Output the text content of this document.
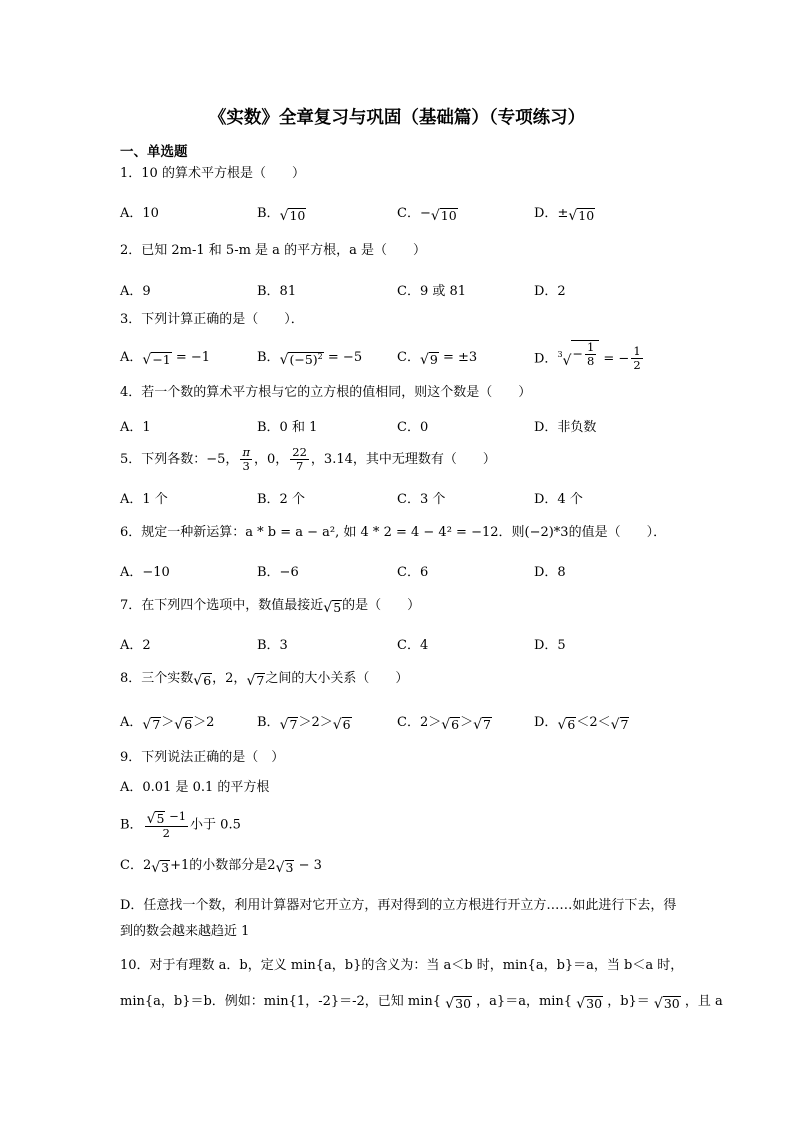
《实数》全章复习与巩固（基础篇）（专项练习）
一、单选题
1．10 的算术平方根是（　　）
A．10	B． √ 10	C．− √ 10	D．± √ 10
2．已知 2m-1 和 5-m 是 a 的平方根，a 是（　　）
A．9	B．81	C．9 或 81	D．2
3．下列计算正确的是（　　）．
A． √ −1 = −1	B． √ $(-5)^2 = -5$	C． √ 9 = ±3	D．$^3$ √ − $\frac{1}{8}$ = − $\frac{1}{2}$
4．若一个数的算术平方根与它的立方根的值相同，则这个数是（　　）
A．1	B．0 和 1	C．0	D．非负数
5．下列各数：−5， $\frac{\pi}{3}$ ，0， $\frac{22}{7}$ ，3.14，其中无理数有（　　）
A．1 个	B．2 个	C．3 个	D．4 个
6．规定一种新运算：a * b = a − a², 如 4 * 2 = 4 − 4² = −12．则(−2)*3的值是（　　）．
A．−10	B．−6	C．6	D．8
7．在下列四个选项中，数值最接近 √ 5 的是（　　）
A．2	B．3	C．4	D．5
8．三个实数 √ 6 ，2， √ 7 之间的大小关系（　　）
A． √ 7 ＞ √ 6 ＞2	B． √ 7 ＞2＞ √ 6	C．2＞ √ 6 ＞ √ 7	D． √ 6 ＜2＜ √ 7
9．下列说法正确的是（　）
A．0.01 是 0.1 的平方根
B． $\frac{√ 5 -1}{2}$ 小于 0.5
C．2 √ 3 +1的小数部分是2 √ 3 − 3
D．任意找一个数，利用计算器对它开立方，再对得到的立方根进行开立方……如此进行下去，得到的数会越来越趋近 1
10．对于有理数 a．b，定义 min{a，b}的含义为：当 a＜b 时，min{a，b}＝a，当 b＜a 时，
min{a，b}＝b．例如：min{1，-2}＝-2，已知 min{ √ 30 ，a}＝a，min{ √ 30 ，b}＝ √ 30 ，且 a
